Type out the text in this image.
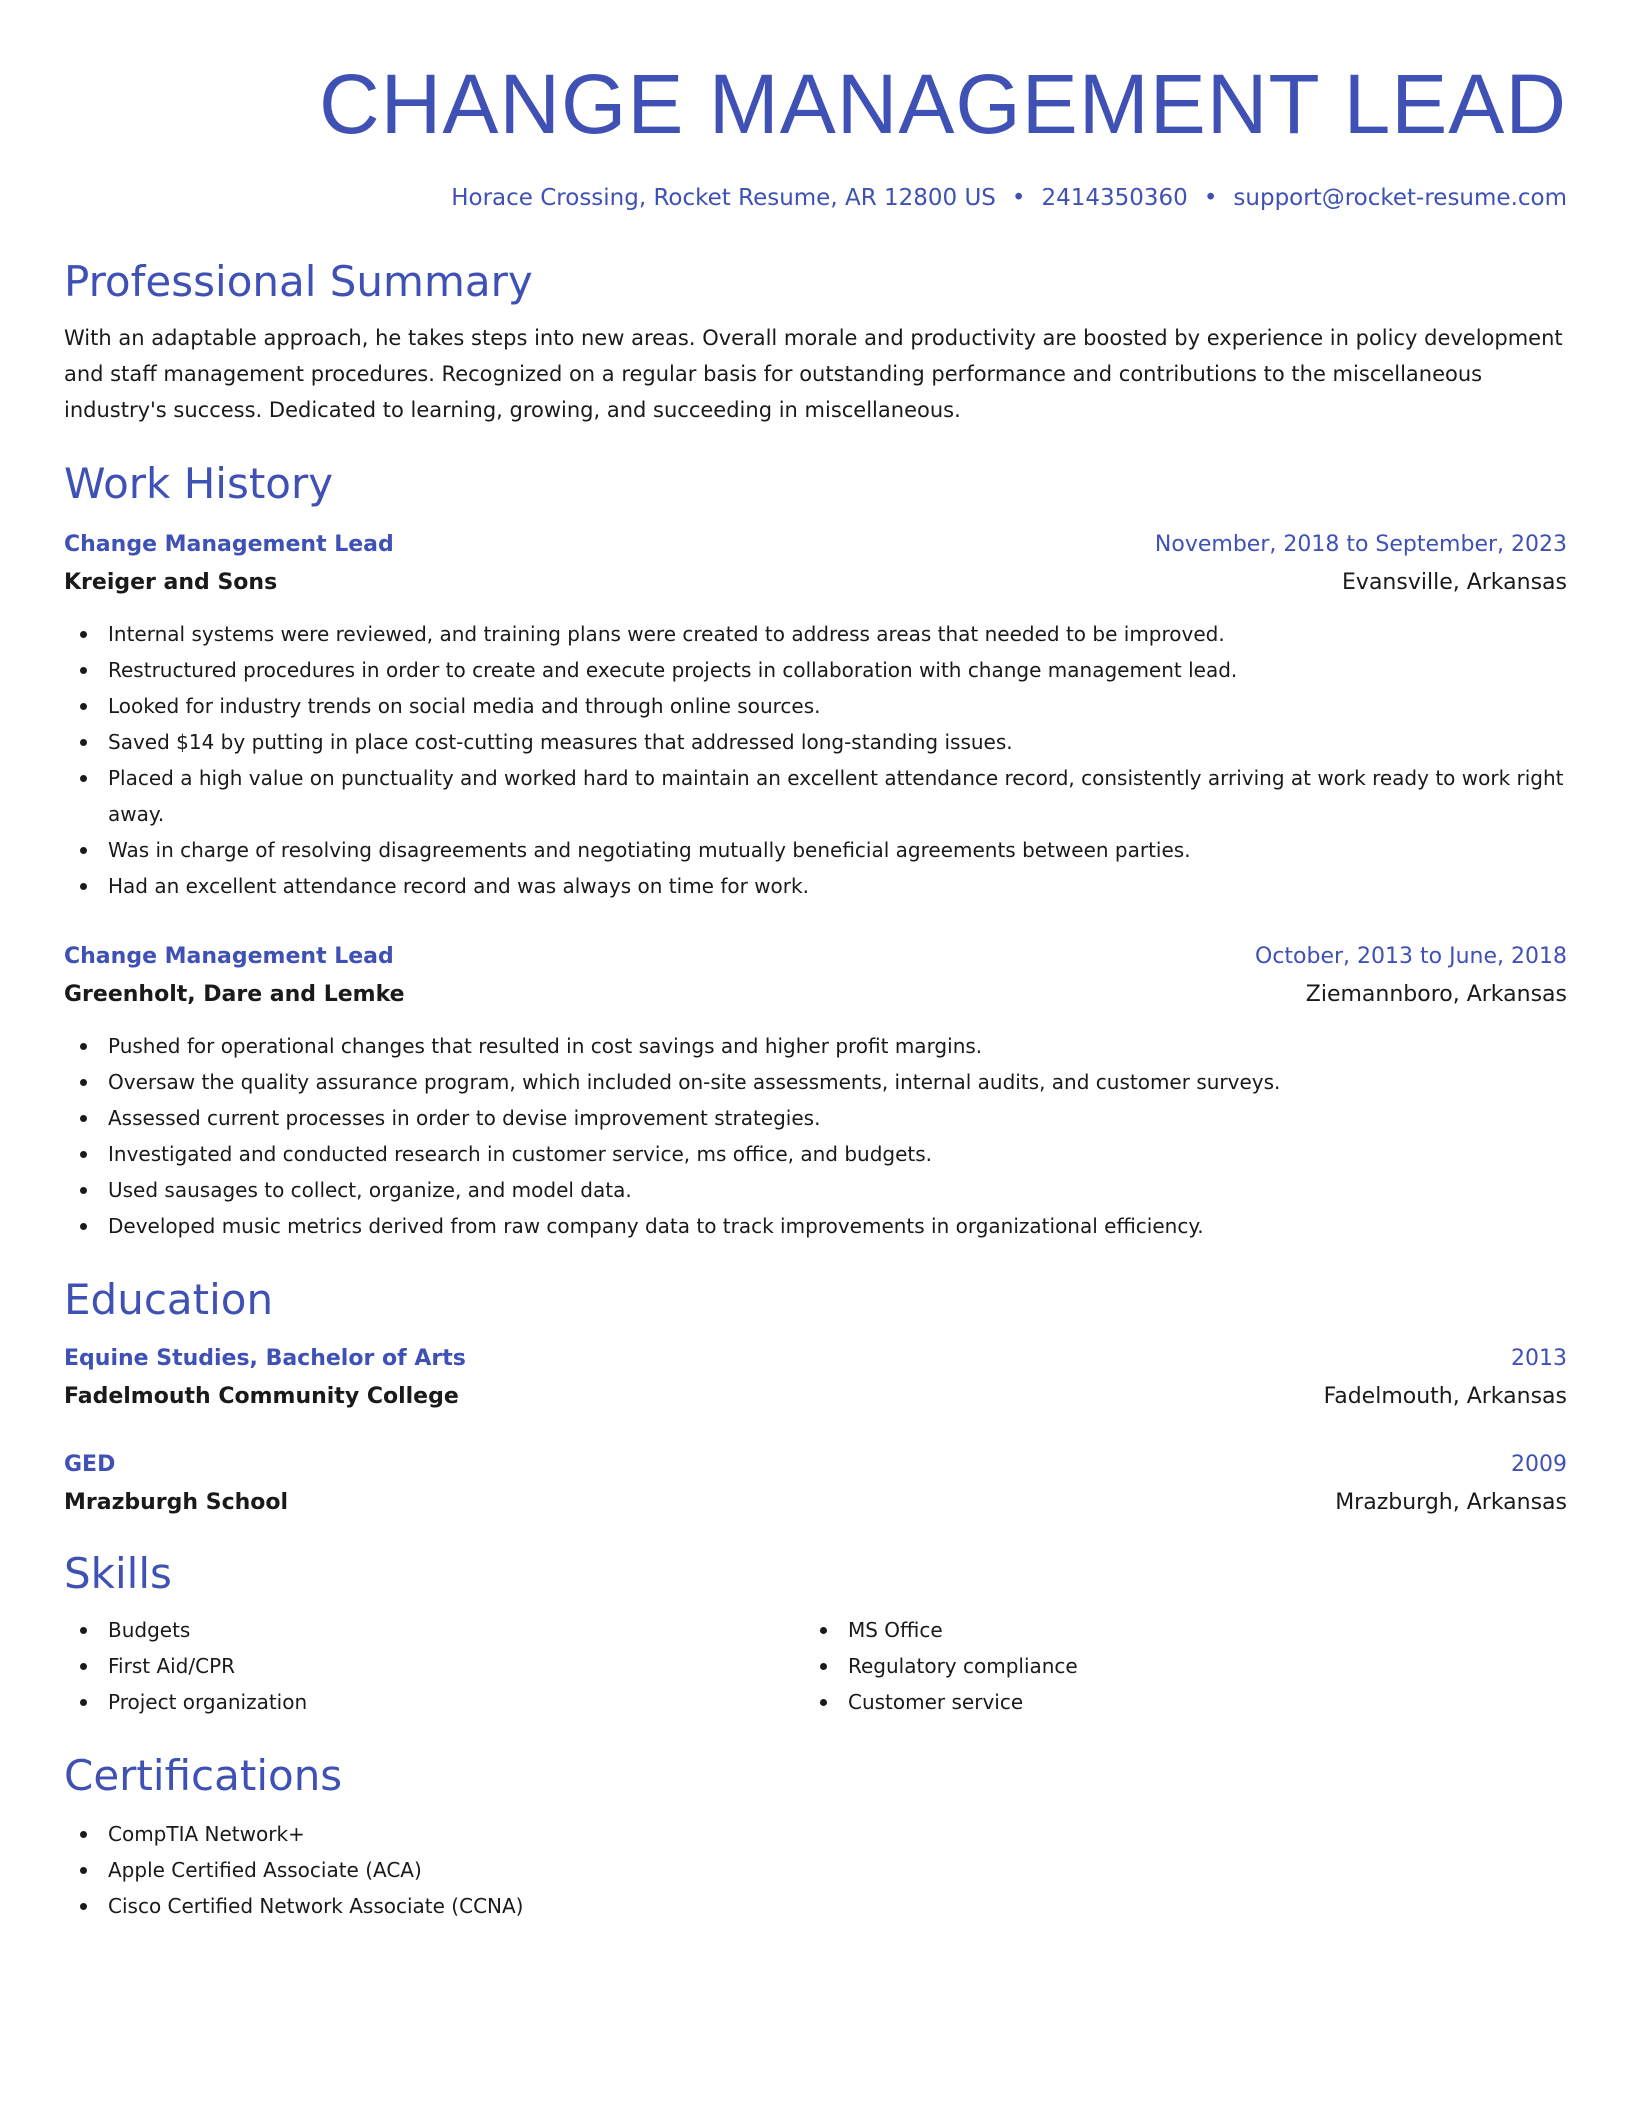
CHANGE MANAGEMENT LEAD
Horace Crossing, Rocket Resume, AR 12800 US • 2414350360 • support@rocket-resume.com
Professional Summary

With an adaptable approach, he takes steps into new areas. Overall morale and productivity are boosted by experience in policy development and staff management procedures. Recognized on a regular basis for outstanding performance and contributions to the miscellaneous industry's success. Dedicated to learning, growing, and succeeding in miscellaneous.

Work History
Change Management Lead	November, 2018 to September, 2023
Kreiger and Sons	Evansville, Arkansas
Internal systems were reviewed, and training plans were created to address areas that needed to be improved.
Restructured procedures in order to create and execute projects in collaboration with change management lead.
Looked for industry trends on social media and through online sources.
Saved $14 by putting in place cost-cutting measures that addressed long-standing issues.
Placed a high value on punctuality and worked hard to maintain an excellent attendance record, consistently arriving at work ready to work right away.
Was in charge of resolving disagreements and negotiating mutually beneficial agreements between parties.
Had an excellent attendance record and was always on time for work.
Change Management Lead	October, 2013 to June, 2018
Greenholt, Dare and Lemke	Ziemannboro, Arkansas
Pushed for operational changes that resulted in cost savings and higher profit margins.
Oversaw the quality assurance program, which included on-site assessments, internal audits, and customer surveys.
Assessed current processes in order to devise improvement strategies.
Investigated and conducted research in customer service, ms office, and budgets.
Used sausages to collect, organize, and model data.
Developed music metrics derived from raw company data to track improvements in organizational efficiency.
Education
Equine Studies, Bachelor of Arts	2013
Fadelmouth Community College	Fadelmouth, Arkansas
GED	2009
Mrazburgh School	Mrazburgh, Arkansas
Skills
Budgets
First Aid/CPR
Project organization
MS Office
Regulatory compliance
Customer service
Certifications
CompTIA Network+
Apple Certified Associate (ACA)
Cisco Certified Network Associate (CCNA)
